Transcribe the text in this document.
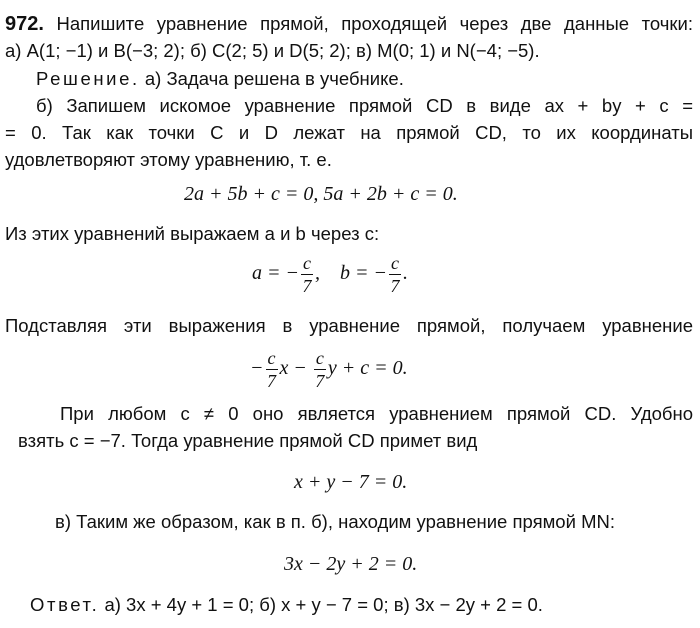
972. Напишите уравнение прямой, проходящей через две данные точки:
а) A(1; −1) и B(−3; 2); б) C(2; 5) и D(5; 2); в) M(0; 1) и N(−4; −5).
Решение. а) Задача решена в учебнике.
б) Запишем искомое уравнение прямой CD в виде ax + by + c =
= 0. Так как точки C и D лежат на прямой CD, то их координаты
удовлетворяют этому уравнению, т. е.
2a + 5b + c = 0, 5a + 2b + c = 0.
Из этих уравнений выражаем a и b через c:
a = − $\frac{c}{7}$ ,    b = − $\frac{c}{7}$ .
Подставляя эти выражения в уравнение прямой, получаем уравнение
− $\frac{c}{7}$ $x - \frac{c}{7}$ y + c = 0.
При любом c ≠ 0 оно является уравнением прямой CD. Удобно
взять c = −7. Тогда уравнение прямой CD примет вид
x + y − 7 = 0.
в) Таким же образом, как в п. б), находим уравнение прямой MN:
3x − 2y + 2 = 0.
Ответ. а) 3x + 4y + 1 = 0; б) x + y − 7 = 0; в) 3x − 2y + 2 = 0.
